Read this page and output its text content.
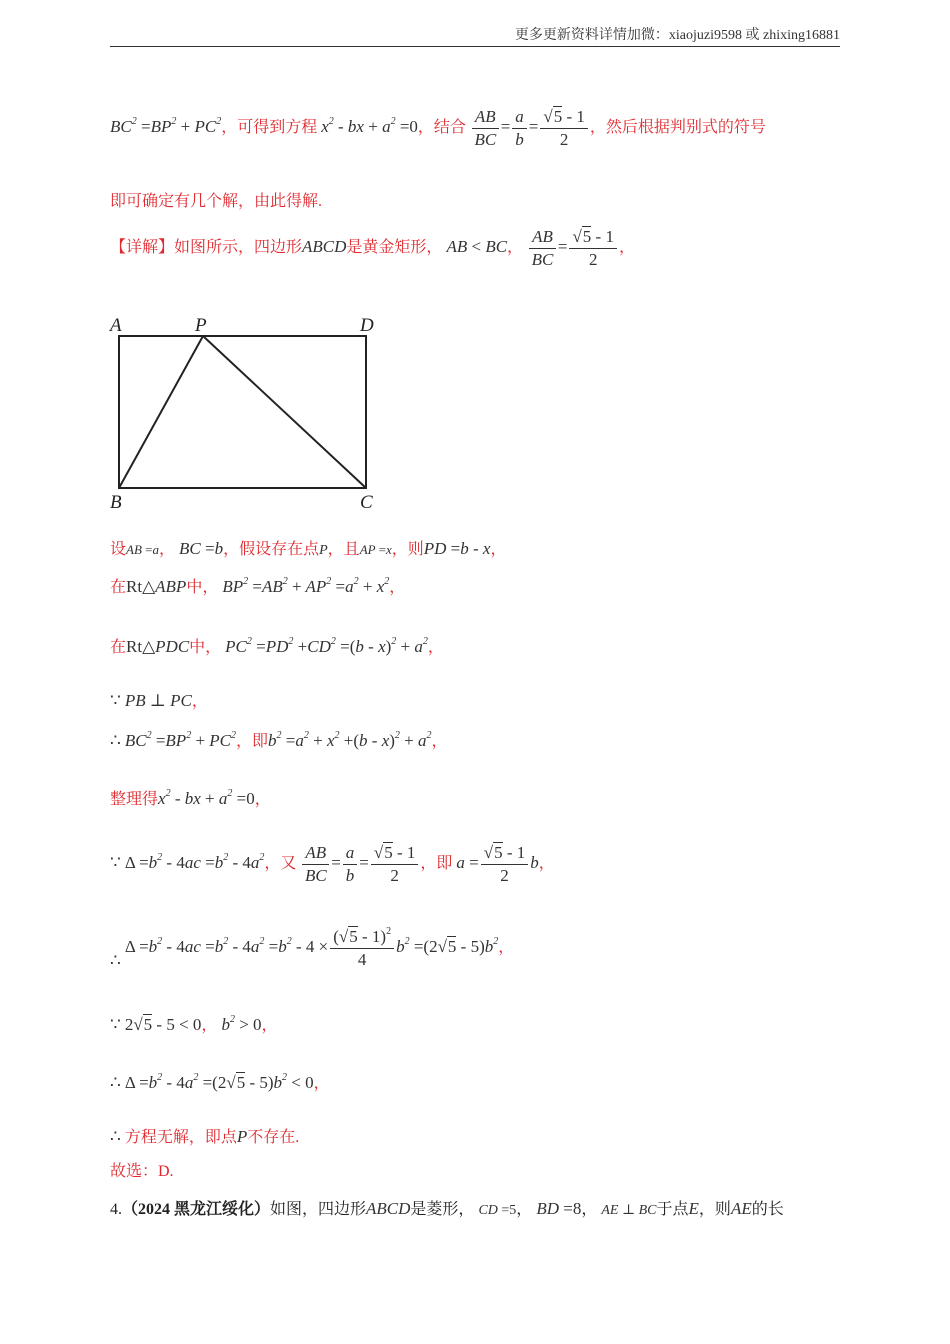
更多更新资料详情加微：xiaojuzi9598 或 zhixing16881
$BC^2 =BP^2 + PC^2$，可得到方程 $x^2$ - bx + $a^2 =0$，结合 $\frac{AB}{BC} = \frac{a}{b} = \frac{√5 - 1}{2}$ ，然后根据判别式的符号
即可确定有几个解，由此得解.
【详解】如图所示，四边形ABCD是黄金矩形， AB < BC， $\frac{AB}{BC} = \frac{√5 - 1}{2}$ ，
A	P	D
B	C
设AB =a， BC =b，假设存在点P，且AP =x，则PD =b - x，
在Rt△ABP中， $BP^2 =AB^2 + AP^2 =a^2 + x^2$，
在Rt△PDC中， $PC^2 =PD^2 +CD^2 =(b - x)^2 + a^2$，
∵ PB ⊥ PC，
∴ $BC^2 =BP^2 + PC^2$，即$b^2 =a^2 + x^2 +(b - x)^2 + a^2$，
整理得$x^2$ - bx + $a^2 =0$，
∵ $\Delta =b^2 - 4ac =b^2 - 4a^2$，又 $\frac{AB}{BC} = \frac{a}{b} = \frac{√5 - 1}{2}$ ，即 $a = \frac{√5 - 1}{2}$ b，
∴ $\Delta =b^2 - 4ac =b^2 - 4a^2 =b^2 - 4 \times \frac{(√5 - 1)^2}{4} b^2 =(2√5 - 5)b^2$，
∵ 2√5 - 5 < 0， $b^2 > 0$，
∴ $\Delta =b^2 - 4a^2 =(2√5 - 5)b^2 < 0$，
∴ 方程无解，即点P不存在.
故选：D.
4.（2024 黑龙江绥化）如图，四边形ABCD是菱形， CD =5， BD =8， AE ⊥ BC于点E，则AE的长
